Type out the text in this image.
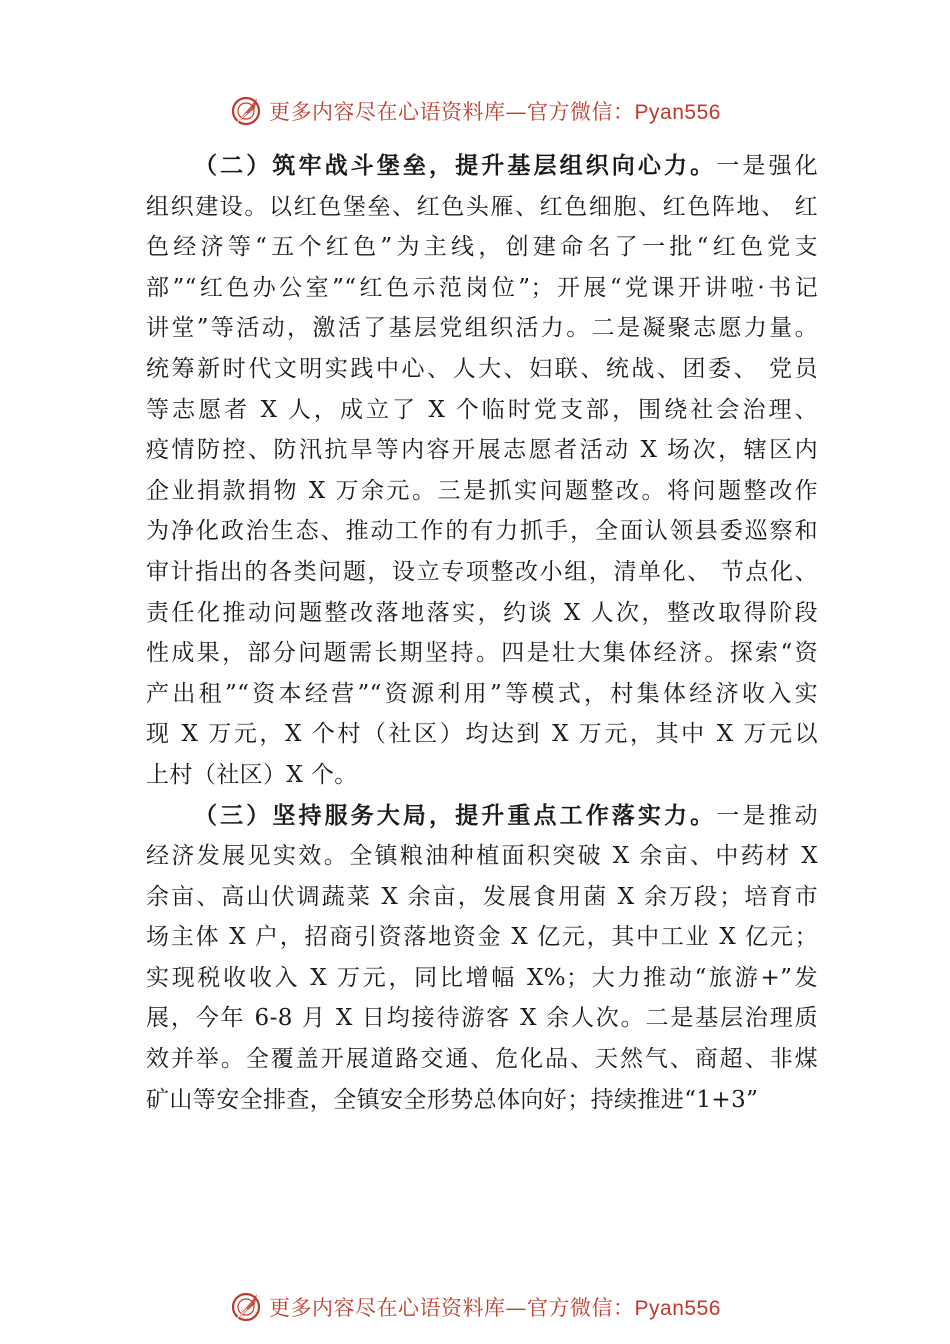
更多内容尽在心语资料库—官方微信：Pyan556
（二）筑牢战斗堡垒，提升基层组织向心力。一是强化
组织建设。以红色堡垒、红色头雁、红色细胞、红色阵地、 红
色经济等“五个红色”为主线，创建命名了一批“红色党支
部”“红色办公室”“红色示范岗位”；开展“党课开讲啦·书记
讲堂”等活动，激活了基层党组织活力。二是凝聚志愿力量。
统筹新时代文明实践中心、人大、妇联、统战、团委、 党员
等志愿者 X 人，成立了 X 个临时党支部，围绕社会治理、
疫情防控、防汛抗旱等内容开展志愿者活动 X 场次，辖区内
企业捐款捐物 X 万余元。三是抓实问题整改。将问题整改作
为净化政治生态、推动工作的有力抓手，全面认领县委巡察和
审计指出的各类问题，设立专项整改小组，清单化、 节点化、
责任化推动问题整改落地落实，约谈 X 人次，整改取得阶段
性成果，部分问题需长期坚持。四是壮大集体经济。探索“资
产出租”“资本经营”“资源利用”等模式，村集体经济收入实
现 X 万元，X 个村（社区）均达到 X 万元，其中 X 万元以
上村（社区）X 个。
（三）坚持服务大局，提升重点工作落实力。一是推动
经济发展见实效。全镇粮油种植面积突破 X 余亩、中药材 X
余亩、高山伏调蔬菜 X 余亩，发展食用菌 X 余万段；培育市
场主体 X 户，招商引资落地资金 X 亿元，其中工业 X 亿元；
实现税收收入 X 万元，同比增幅 X%；大力推动“旅游+”发
展，今年 6-8 月 X 日均接待游客 X 余人次。二是基层治理质
效并举。全覆盖开展道路交通、危化品、天然气、商超、非煤
矿山等安全排查，全镇安全形势总体向好；持续推进“1+3”
更多内容尽在心语资料库—官方微信：Pyan556
